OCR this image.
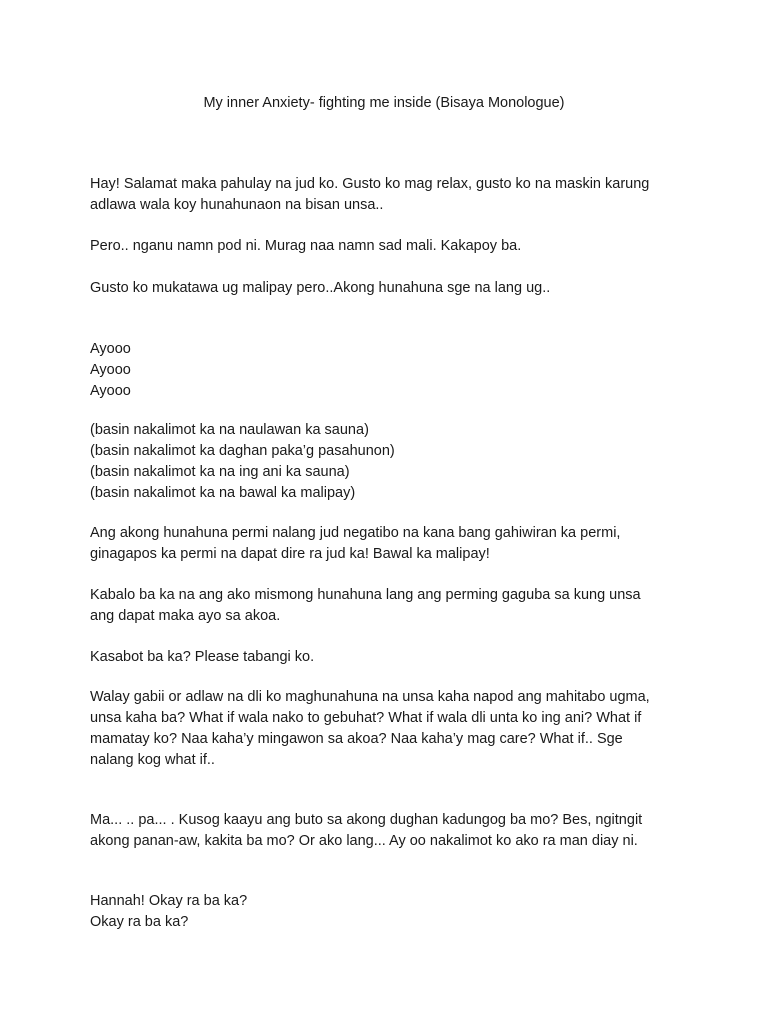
My inner Anxiety- fighting me inside (Bisaya Monologue)

Hay! Salamat maka pahulay na jud ko. Gusto ko mag relax, gusto ko na maskin karung
adlawa wala koy hunahunaon na bisan unsa..

Pero.. nganu namn pod ni. Murag naa namn sad mali. Kakapoy ba.

Gusto ko mukatawa ug malipay pero..Akong hunahuna sge na lang ug..

Ayooo
Ayooo
Ayooo

(basin nakalimot ka na naulawan ka sauna)
(basin nakalimot ka daghan paka’g pasahunon)
(basin nakalimot ka na ing ani ka sauna)
(basin nakalimot ka na bawal ka malipay)

Ang akong hunahuna permi nalang jud negatibo na kana bang gahiwiran ka permi,
ginagapos ka permi na dapat dire ra jud ka! Bawal ka malipay!

Kabalo ba ka na ang ako mismong hunahuna lang ang perming gaguba sa kung unsa
ang dapat maka ayo sa akoa.

Kasabot ba ka? Please tabangi ko.

Walay gabii or adlaw na dli ko maghunahuna na unsa kaha napod ang mahitabo ugma,
unsa kaha ba? What if wala nako to gebuhat? What if wala dli unta ko ing ani? What if
mamatay ko? Naa kaha’y mingawon sa akoa? Naa kaha’y mag care? What if.. Sge
nalang kog what if..

Ma... .. pa... . Kusog kaayu ang buto sa akong dughan kadungog ba mo? Bes, ngitngit
akong panan-aw, kakita ba mo? Or ako lang... Ay oo nakalimot ko ako ra man diay ni.

Hannah! Okay ra ba ka?
Okay ra ba ka?
